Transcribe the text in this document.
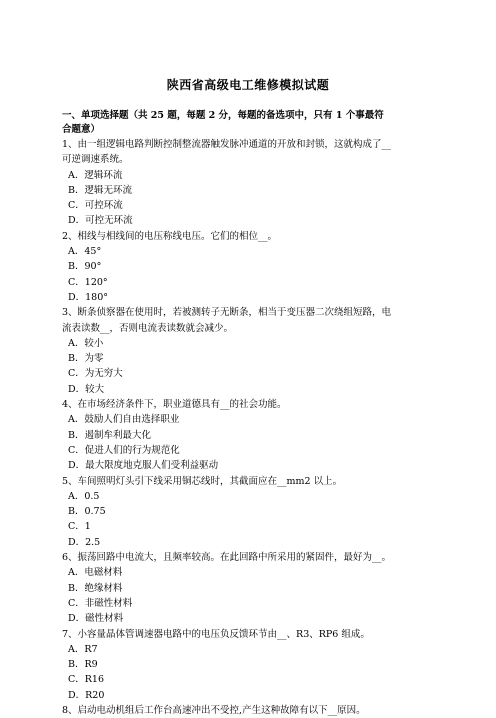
陕西省高级电工维修模拟试题
一、单项选择题（共 25 题，每题 2 分，每题的备选项中，只有 1 个事最符
合题意）
1、由一组逻辑电路判断控制整流器触发脉冲通道的开放和封锁，这就构成了__
可逆调速系统。
A．逻辑环流
B．逻辑无环流
C．可控环流
D．可控无环流
2、相线与相线间的电压称线电压。它们的相位__。
A．45°
B．90°
C．120°
D．180°
3、断条侦察器在使用时，若被测转子无断条，相当于变压器二次绕组短路，电
流表读数__，否则电流表读数就会减少。
A．较小
B．为零
C．为无穷大
D．较大
4、在市场经济条件下，职业道德具有__的社会功能。
A．鼓励人们自由选择职业
B．遏制牟利最大化
C．促进人们的行为规范化
D．最大限度地克服人们受利益驱动
5、车间照明灯头引下线采用铜芯线时，其截面应在__mm2 以上。
A．0.5
B．0.75
C．1
D．2.5
6、振荡回路中电流大，且频率较高。在此回路中所采用的紧固件，最好为__。
A．电磁材料
B．绝缘材料
C．非磁性材料
D．磁性材料
7、小容量晶体管调速器电路中的电压负反馈环节由__、R3、RP6 组成。
A．R7
B．R9
C．R16
D．R20
8、启动电动机组后工作台高速冲出不受控,产生这种故障有以下__原因。
